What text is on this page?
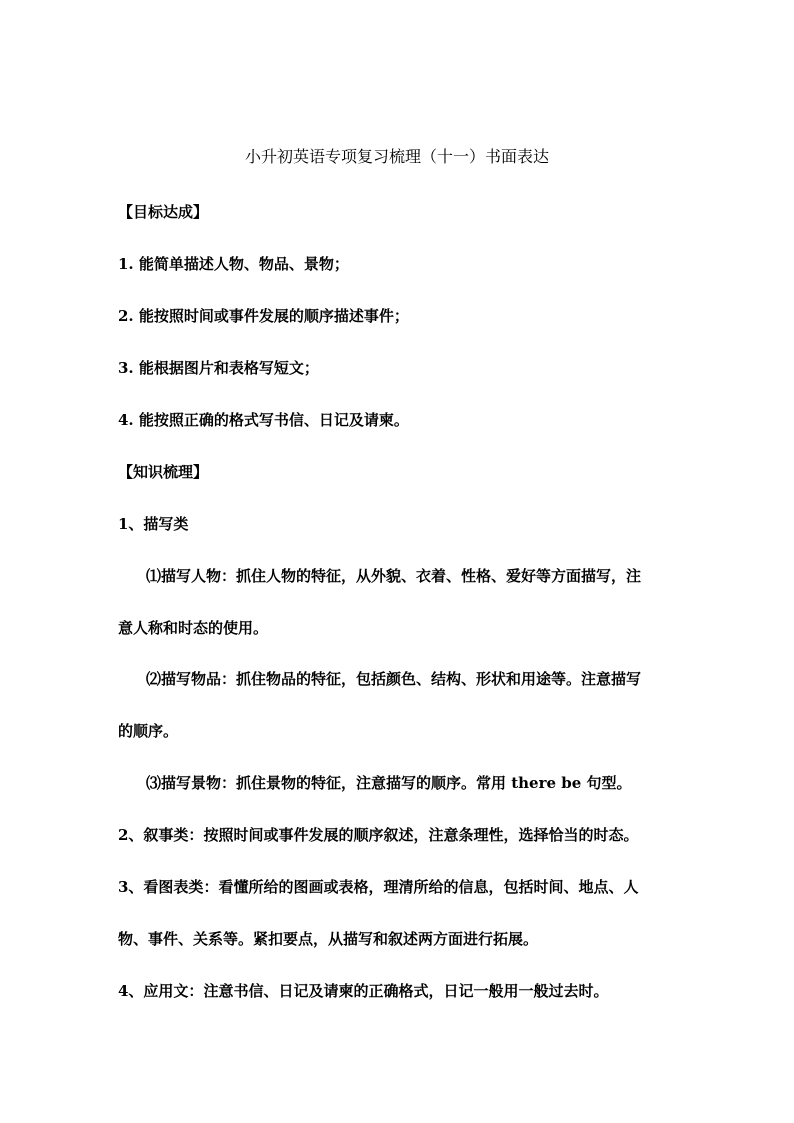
小升初英语专项复习梳理（十一）书面表达
【目标达成】
1. 能简单描述人物、物品、景物；
2. 能按照时间或事件发展的顺序描述事件；
3. 能根据图片和表格写短文；
4. 能按照正确的格式写书信、日记及请柬。
【知识梳理】
1、描写类
⑴描写人物：抓住人物的特征，从外貌、衣着、性格、爱好等方面描写，注
意人称和时态的使用。
⑵描写物品：抓住物品的特征，包括颜色、结构、形状和用途等。注意描写
的顺序。
⑶描写景物：抓住景物的特征，注意描写的顺序。常用 there be 句型。
2、叙事类：按照时间或事件发展的顺序叙述，注意条理性，选择恰当的时态。
3、看图表类：看懂所给的图画或表格，理清所给的信息，包括时间、地点、人
物、事件、关系等。紧扣要点，从描写和叙述两方面进行拓展。
4、应用文：注意书信、日记及请柬的正确格式，日记一般用一般过去时。
